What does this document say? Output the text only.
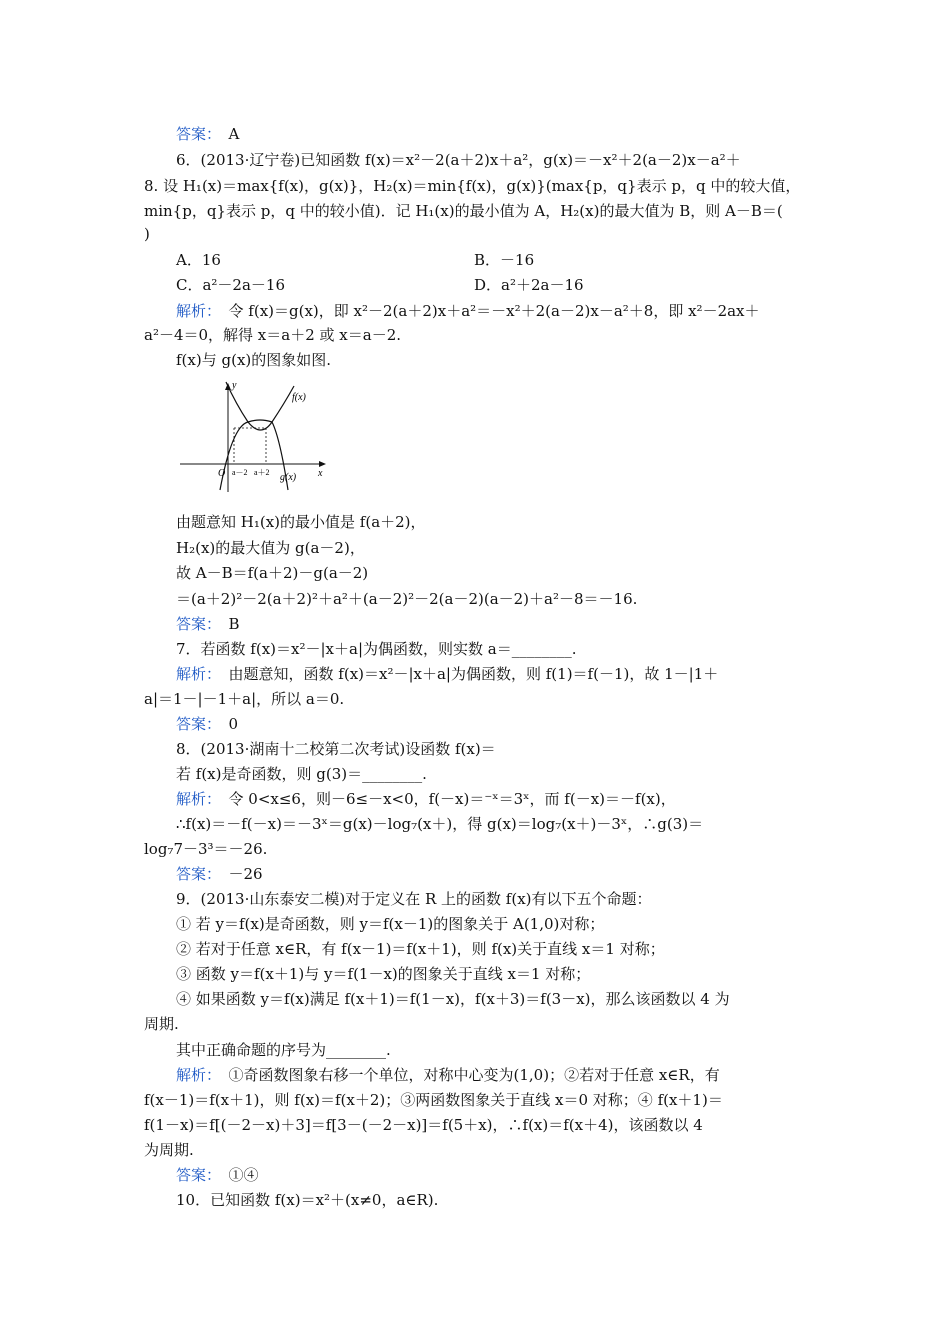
答案：　A
6．(2013·辽宁卷)已知函数 f(x)＝x²－2(a＋2)x＋a²，g(x)＝－x²＋2(a－2)x－a²＋
8. 设 H₁(x)＝max{f(x)，g(x)}，H₂(x)＝min{f(x)，g(x)}(max{p，q}表示 p，q 中的较大值，
min{p，q}表示 p，q 中的较小值)．记 H₁(x)的最小值为 A，H₂(x)的最大值为 B，则 A－B＝(
)
A．16	B．－16
C．a²－2a－16	D．a²＋2a－16
解析：　令 f(x)＝g(x)，即 x²－2(a＋2)x＋a²＝－x²＋2(a－2)x－a²＋8，即 x²－2ax＋
a²－4＝0，解得 x＝a＋2 或 x＝a－2.
f(x)与 g(x)的图象如图.
f(x)
g(x)
y
x
O a－2 a＋2
由题意知 H₁(x)的最小值是 f(a＋2)，
H₂(x)的最大值为 g(a－2)，
故 A－B＝f(a＋2)－g(a－2)
＝(a＋2)²－2(a＋2)²＋a²＋(a－2)²－2(a－2)(a－2)＋a²－8＝－16.
答案：　B
7．若函数 f(x)＝x²－|x＋a|为偶函数，则实数 a＝________.
解析：　由题意知，函数 f(x)＝x²－|x＋a|为偶函数，则 f(1)＝f(－1)，故 1－|1＋
a|＝1－|－1＋a|，所以 a＝0.
答案：　0
8．(2013·湖南十二校第二次考试)设函数 f(x)＝
若 f(x)是奇函数，则 g(3)＝________.
解析：　令 0<x≤6，则－6≤－x<0，f(－x)＝⁻ˣ＝3ˣ，而 f(－x)＝－f(x)，
∴f(x)＝－f(－x)＝－3ˣ＝g(x)－log₇(x＋)，得 g(x)＝log₇(x＋)－3ˣ，∴g(3)＝
log₇7－3³＝－26.
答案：　－26
9．(2013·山东泰安二模)对于定义在 R 上的函数 f(x)有以下五个命题：
① 若 y＝f(x)是奇函数，则 y＝f(x－1)的图象关于 A(1,0)对称；
② 若对于任意 x∈R，有 f(x－1)＝f(x＋1)，则 f(x)关于直线 x＝1 对称；
③ 函数 y＝f(x＋1)与 y＝f(1－x)的图象关于直线 x＝1 对称；
④ 如果函数 y＝f(x)满足 f(x＋1)＝f(1－x)，f(x＋3)＝f(3－x)，那么该函数以 4 为
周期.
其中正确命题的序号为________.
解析：　①奇函数图象右移一个单位，对称中心变为(1,0)；②若对于任意 x∈R，有
f(x－1)＝f(x＋1)，则 f(x)＝f(x＋2)；③两函数图象关于直线 x＝0 对称；④ f(x＋1)＝
f(1－x)＝f[(－2－x)＋3]＝f[3－(－2－x)]＝f(5＋x)，∴f(x)＝f(x＋4)，该函数以 4
为周期.
答案：　①④
10．已知函数 f(x)＝x²＋(x≠0，a∈R).
